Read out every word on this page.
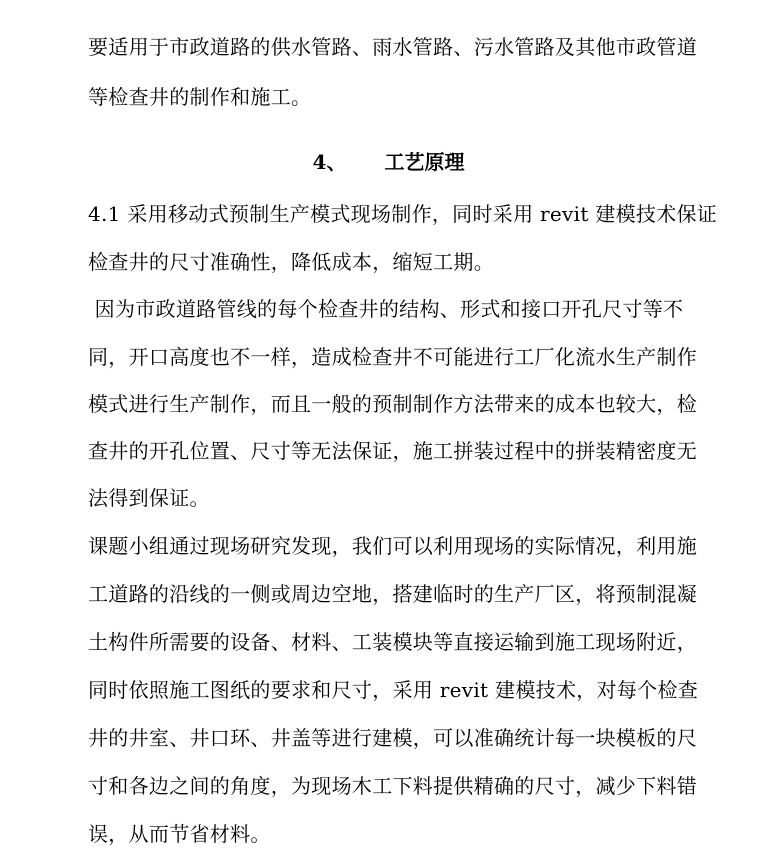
要适用于市政道路的供水管路、雨水管路、污水管路及其他市政管道
等检查井的制作和施工。
4、 工艺原理
4.1 采用移动式预制生产模式现场制作，同时采用 revit 建模技术保证
检查井的尺寸准确性，降低成本，缩短工期。
因为市政道路管线的每个检查井的结构、形式和接口开孔尺寸等不
同，开口高度也不一样，造成检查井不可能进行工厂化流水生产制作
模式进行生产制作，而且一般的预制制作方法带来的成本也较大，检
查井的开孔位置、尺寸等无法保证，施工拼装过程中的拼装精密度无
法得到保证。
课题小组通过现场研究发现，我们可以利用现场的实际情况，利用施
工道路的沿线的一侧或周边空地，搭建临时的生产厂区，将预制混凝
土构件所需要的设备、材料、工装模块等直接运输到施工现场附近，
同时依照施工图纸的要求和尺寸，采用 revit 建模技术，对每个检查
井的井室、井口环、井盖等进行建模，可以准确统计每一块模板的尺
寸和各边之间的角度，为现场木工下料提供精确的尺寸，减少下料错
误，从而节省材料。
